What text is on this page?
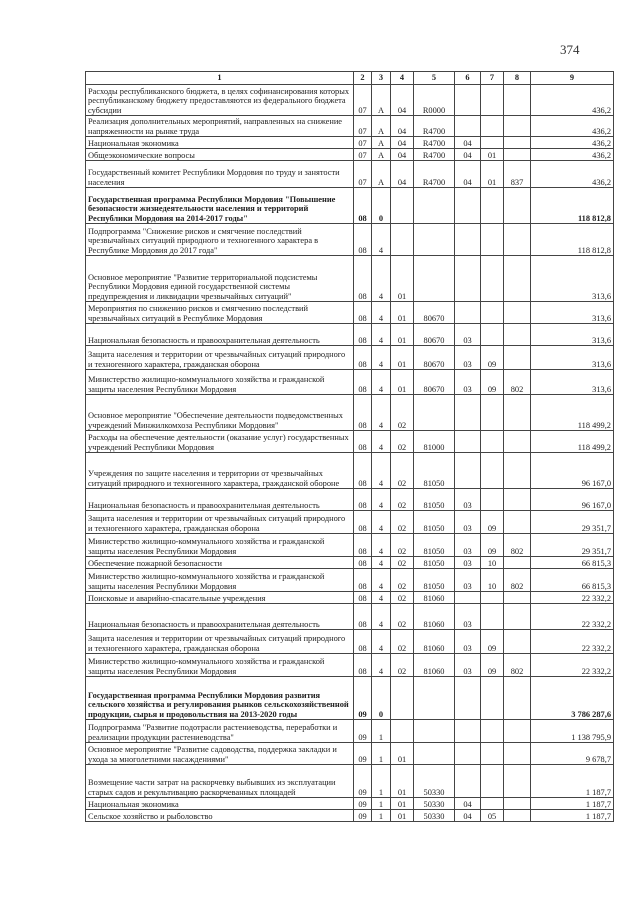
374
1	2	3	4	5	6	7	8	9
Расходы республиканского бюджета, в целях софинансирования которых республиканскому бюджету предоставляются из федерального бюджета субсидии	07	А	04	R0000				436,2
Реализация дополнительных мероприятий, направленных на снижение напряженности на рынке труда	07	А	04	R4700				436,2
Национальная экономика	07	А	04	R4700	04			436,2
Общеэкономические вопросы	07	А	04	R4700	04	01		436,2
Государственный комитет Республики Мордовия по труду и занятости населения	07	А	04	R4700	04	01	837	436,2
Государственная программа Республики Мордовия "Повышение безопасности жизнедеятельности населения и территорий Республики Мордовия на 2014-2017 годы"	08	0						118 812,8
Подпрограмма "Снижение рисков и смягчение последствий чрезвычайных ситуаций природного и техногенного характера в Республике Мордовия до 2017 года"	08	4						118 812,8
Основное мероприятие "Развитие территориальной подсистемы Республики Мордовия единой государственной системы предупреждения и ликвидации чрезвычайных ситуаций"	08	4	01					313,6
Мероприятия по снижению рисков и смягчению последствий чрезвычайных ситуаций в Республике Мордовия	08	4	01	80670				313,6
Национальная безопасность и правоохранительная деятельность	08	4	01	80670	03			313,6
Защита населения и территории от чрезвычайных ситуаций природного и техногенного характера, гражданская оборона	08	4	01	80670	03	09		313,6
Министерство жилищно-коммунального хозяйства и гражданской защиты населения Республики Мордовия	08	4	01	80670	03	09	802	313,6
Основное мероприятие "Обеспечение деятельности подведомственных учреждений Минжилкомхоза Республики Мордовия"	08	4	02					118 499,2
Расходы на обеспечение деятельности (оказание услуг) государственных учреждений Республики Мордовия	08	4	02	81000				118 499,2
Учреждения по защите населения и территории от чрезвычайных ситуаций природного и техногенного характера, гражданской обороне	08	4	02	81050				96 167,0
Национальная безопасность и правоохранительная деятельность	08	4	02	81050	03			96 167,0
Защита населения и территории от чрезвычайных ситуаций природного и техногенного характера, гражданская оборона	08	4	02	81050	03	09		29 351,7
Министерство жилищно-коммунального хозяйства и гражданской защиты населения Республики Мордовия	08	4	02	81050	03	09	802	29 351,7
Обеспечение пожарной безопасности	08	4	02	81050	03	10		66 815,3
Министерство жилищно-коммунального хозяйства и гражданской защиты населения Республики Мордовия	08	4	02	81050	03	10	802	66 815,3
Поисковые и аварийно-спасательные учреждения	08	4	02	81060				22 332,2
Национальная безопасность и правоохранительная деятельность	08	4	02	81060	03			22 332,2
Защита населения и территории от чрезвычайных ситуаций природного и техногенного характера, гражданская оборона	08	4	02	81060	03	09		22 332,2
Министерство жилищно-коммунального хозяйства и гражданской защиты населения Республики Мордовия	08	4	02	81060	03	09	802	22 332,2
Государственная программа Республики Мордовия развития сельского хозяйства и регулирования рынков сельскохозяйственной продукции, сырья и продовольствия на 2013-2020 годы	09	0						3 786 287,6
Подпрограмма "Развитие подотрасли растениеводства, переработки и реализации продукции растениеводства"	09	1						1 138 795,9
Основное мероприятие "Развитие садоводства, поддержка закладки и ухода за многолетними насаждениями"	09	1	01					9 678,7
Возмещение части затрат на раскорчевку выбывших из эксплуатации старых садов и рекультивацию раскорчеванных площадей	09	1	01	50330				1 187,7
Национальная экономика	09	1	01	50330	04			1 187,7
Сельское хозяйство и рыболовство	09	1	01	50330	04	05		1 187,7
